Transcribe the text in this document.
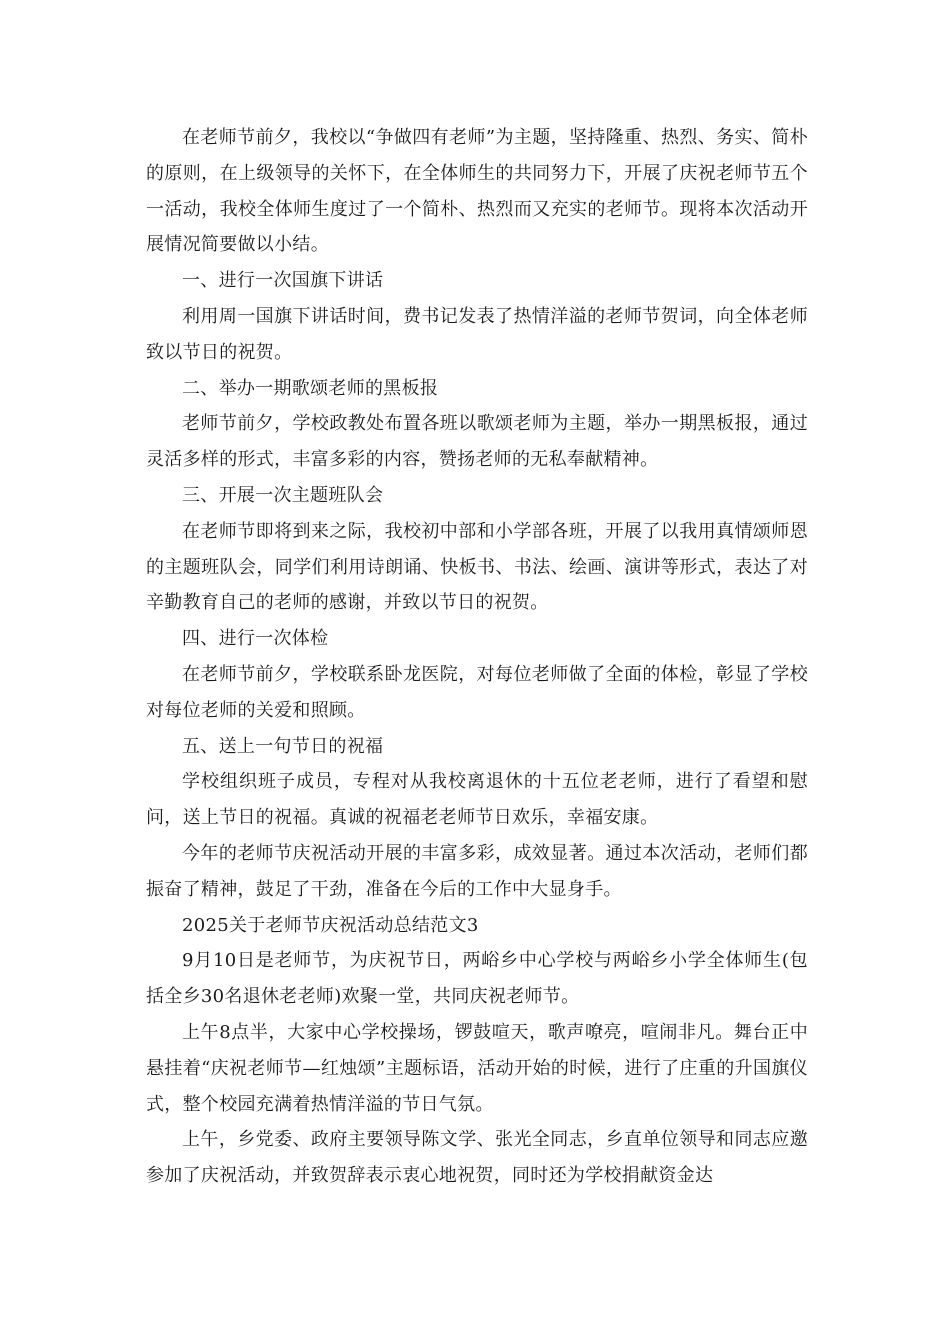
在老师节前夕，我校以“争做四有老师”为主题，坚持隆重、热烈、务实、简朴的原则，在上级领导的关怀下，在全体师生的共同努力下，开展了庆祝老师节五个一活动，我校全体师生度过了一个简朴、热烈而又充实的老师节。现将本次活动开展情况简要做以小结。

一、进行一次国旗下讲话

利用周一国旗下讲话时间，费书记发表了热情洋溢的老师节贺词，向全体老师致以节日的祝贺。

二、举办一期歌颂老师的黑板报

老师节前夕，学校政教处布置各班以歌颂老师为主题，举办一期黑板报，通过灵活多样的形式，丰富多彩的内容，赞扬老师的无私奉献精神。

三、开展一次主题班队会

在老师节即将到来之际，我校初中部和小学部各班，开展了以我用真情颂师恩的主题班队会，同学们利用诗朗诵、快板书、书法、绘画、演讲等形式，表达了对辛勤教育自己的老师的感谢，并致以节日的祝贺。

四、进行一次体检

在老师节前夕，学校联系卧龙医院，对每位老师做了全面的体检，彰显了学校对每位老师的关爱和照顾。

五、送上一句节日的祝福

学校组织班子成员，专程对从我校离退休的十五位老老师，进行了看望和慰问，送上节日的祝福。真诚的祝福老老师节日欢乐，幸福安康。

今年的老师节庆祝活动开展的丰富多彩，成效显著。通过本次活动，老师们都振奋了精神，鼓足了干劲，准备在今后的工作中大显身手。

2025关于老师节庆祝活动总结范文3

9月10日是老师节，为庆祝节日，两峪乡中心学校与两峪乡小学全体师生(包括全乡30名退休老老师)欢聚一堂，共同庆祝老师节。

上午8点半，大家中心学校操场，锣鼓喧天，歌声嘹亮，喧闹非凡。舞台正中悬挂着“庆祝老师节—红烛颂”主题标语，活动开始的时候，进行了庄重的升国旗仪式，整个校园充满着热情洋溢的节日气氛。

上午，乡党委、政府主要领导陈文学、张光全同志，乡直单位领导和同志应邀参加了庆祝活动，并致贺辞表示衷心地祝贺，同时还为学校捐献资金达
